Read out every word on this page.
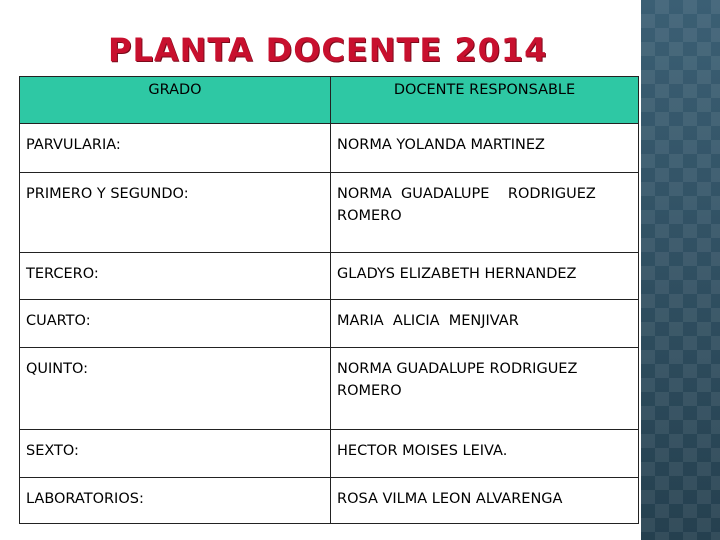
PLANTA DOCENTE 2014
GRADO	DOCENTE RESPONSABLE

PARVULARIA:	NORMA YOLANDA MARTINEZ

PRIMERO Y SEGUNDO:	NORMA  GUADALUPE    RODRIGUEZ
ROMERO

TERCERO:	GLADYS ELIZABETH HERNANDEZ

CUARTO:	MARIA  ALICIA  MENJIVAR

QUINTO:	NORMA GUADALUPE RODRIGUEZ
ROMERO

SEXTO:	HECTOR MOISES LEIVA.

LABORATORIOS:	ROSA VILMA LEON ALVARENGA
